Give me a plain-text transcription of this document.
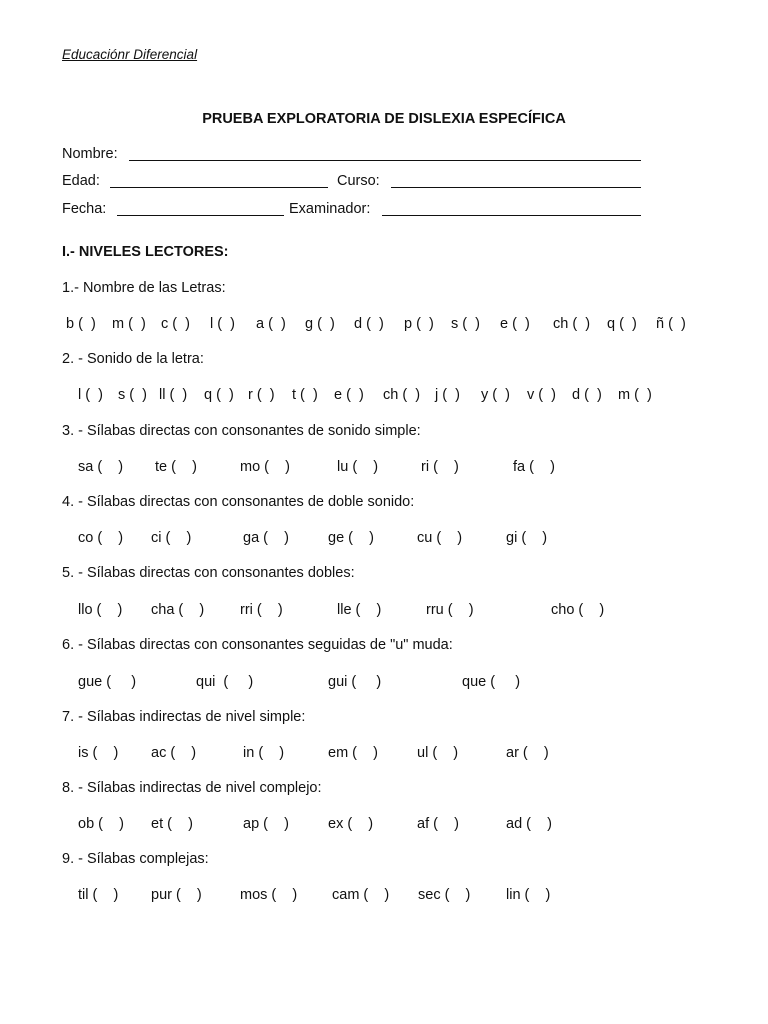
Educaciónr Diferencial
PRUEBA EXPLORATORIA DE DISLEXIA ESPECÍFICA
Nombre:
Edad:	Curso:
Fecha:	Examinador:
I.- NIVELES LECTORES:
1.- Nombre de las Letras:
b (  ) m (  ) c (  ) l (  ) a (  ) g (  ) d (  ) p (  ) s (  ) e (  ) ch (  ) q (  ) ñ (  )
2. - Sonido de la letra:
l (  ) s (  ) ll (  ) q (  ) r (  ) t (  ) e (  ) ch (  ) j (  ) y (  ) v (  ) d (  ) m (  )
3. - Sílabas directas con consonantes de sonido simple:
sa (    ) te (    )	mo (    )	lu (    )	ri (    )	fa (    )
4. - Sílabas directas con consonantes de doble sonido:
co (    ) ci (    )	ga (    )	ge (    )	cu (    )	gi (    )
5. - Sílabas directas con consonantes dobles:
llo (    ) cha (    ) rri (    )	lle (    )	rru (    )	cho (    )
6. - Sílabas directas con consonantes seguidas de "u" muda:
gue (     )	qui  (     )	gui (     )	que (     )
7. - Sílabas indirectas de nivel simple:
is (    ) ac (    )	in (    )	em (    )	ul (    )	ar (    )
8. - Sílabas indirectas de nivel complejo:
ob (    ) et (    )	ap (    )	ex (    )	af (    )	ad (    )
9. - Sílabas complejas:
til (    ) pur (    )	mos (    ) cam (    ) sec (    ) lin (    )
